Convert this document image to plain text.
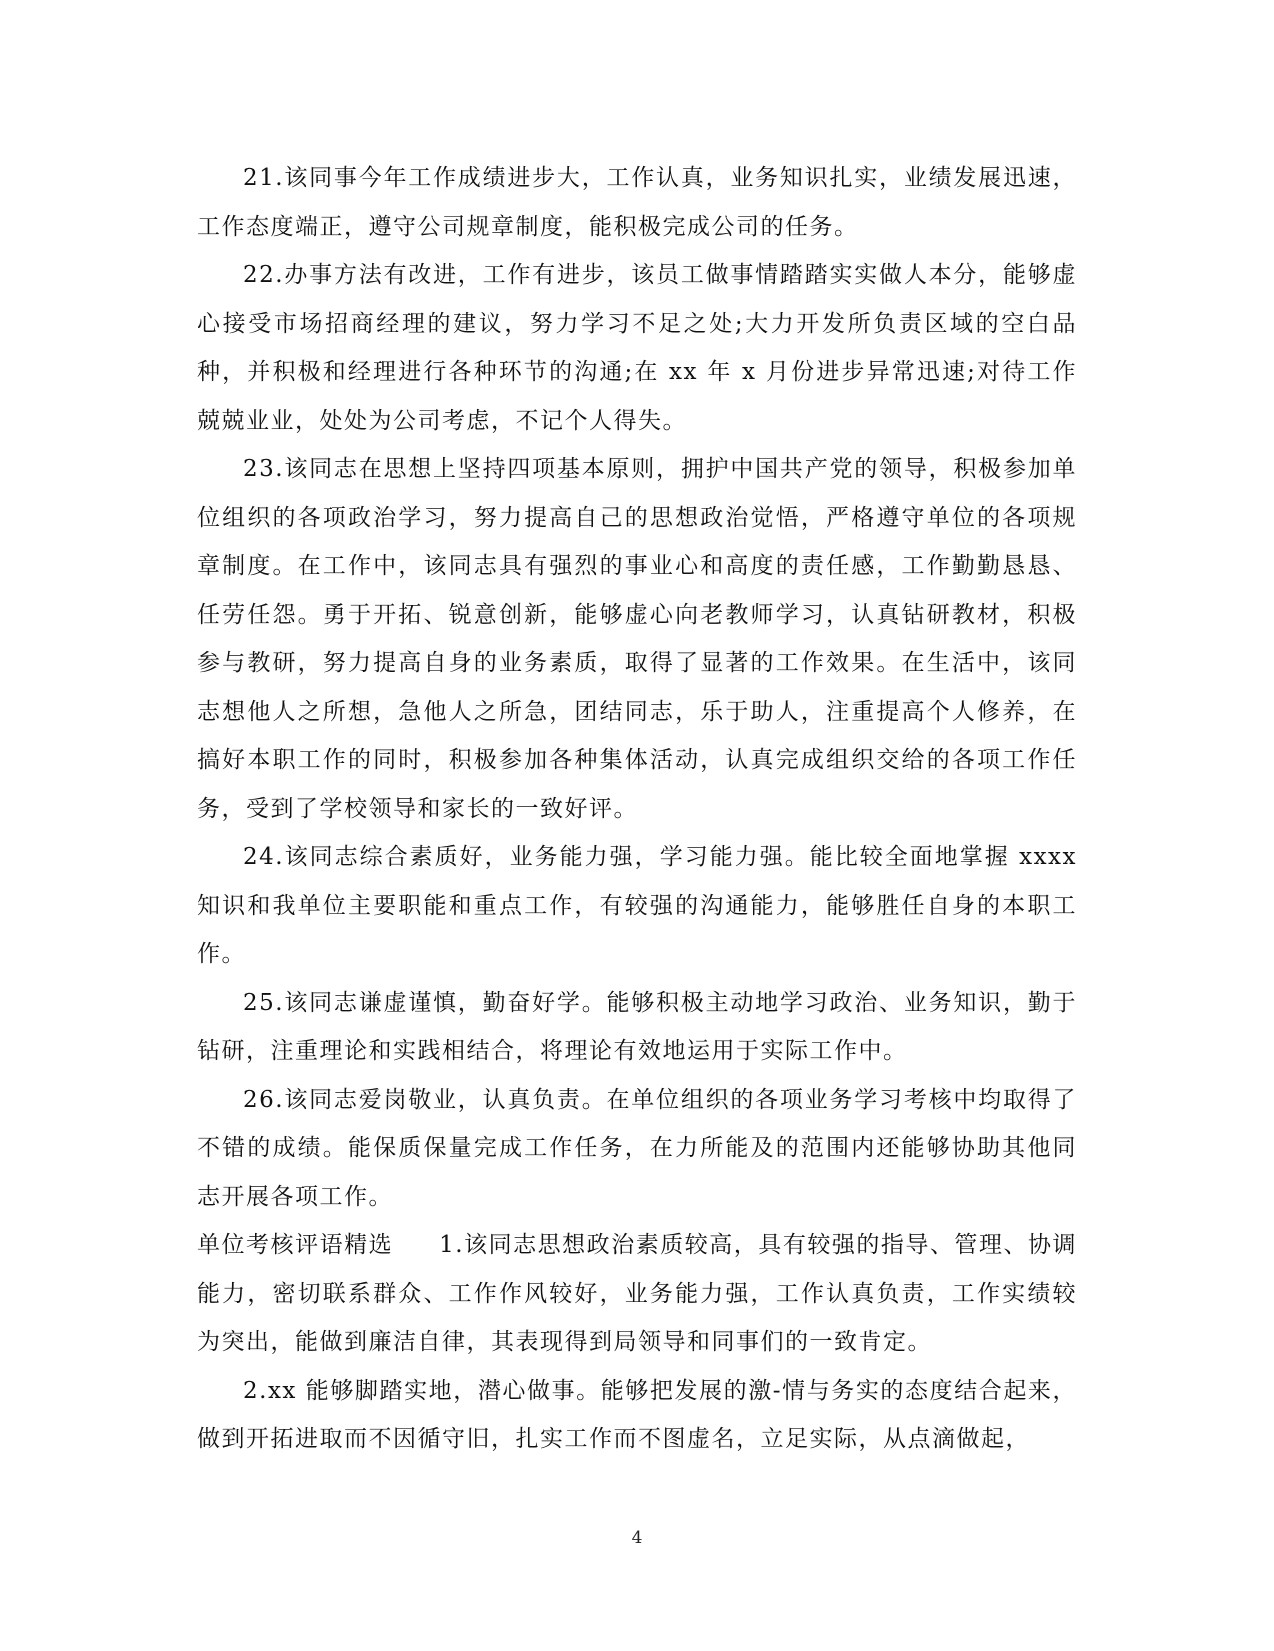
21.该同事今年工作成绩进步大，工作认真，业务知识扎实，业绩发展迅速，工作态度端正，遵守公司规章制度，能积极完成公司的任务。

22.办事方法有改进，工作有进步，该员工做事情踏踏实实做人本分，能够虚心接受市场招商经理的建议，努力学习不足之处;大力开发所负责区域的空白品种，并积极和经理进行各种环节的沟通;在 xx 年 x 月份进步异常迅速;对待工作兢兢业业，处处为公司考虑，不记个人得失。

23.该同志在思想上坚持四项基本原则，拥护中国共产党的领导，积极参加单位组织的各项政治学习，努力提高自己的思想政治觉悟，严格遵守单位的各项规章制度。在工作中，该同志具有强烈的事业心和高度的责任感，工作勤勤恳恳、任劳任怨。勇于开拓、锐意创新，能够虚心向老教师学习，认真钻研教材，积极参与教研，努力提高自身的业务素质，取得了显著的工作效果。在生活中，该同志想他人之所想，急他人之所急，团结同志，乐于助人，注重提高个人修养，在搞好本职工作的同时，积极参加各种集体活动，认真完成组织交给的各项工作任务，受到了学校领导和家长的一致好评。

24.该同志综合素质好，业务能力强，学习能力强。能比较全面地掌握 xxxx 知识和我单位主要职能和重点工作，有较强的沟通能力，能够胜任自身的本职工作。

25.该同志谦虚谨慎，勤奋好学。能够积极主动地学习政治、业务知识，勤于钻研，注重理论和实践相结合，将理论有效地运用于实际工作中。

26.该同志爱岗敬业，认真负责。在单位组织的各项业务学习考核中均取得了不错的成绩。能保质保量完成工作任务，在力所能及的范围内还能够协助其他同志开展各项工作。

单位考核评语精选 1.该同志思想政治素质较高，具有较强的指导、管理、协调能力，密切联系群众、工作作风较好，业务能力强，工作认真负责，工作实绩较为突出，能做到廉洁自律，其表现得到局领导和同事们的一致肯定。

2.xx 能够脚踏实地，潜心做事。能够把发展的激-情与务实的态度结合起来，做到开拓进取而不因循守旧，扎实工作而不图虚名，立足实际，从点滴做起，

4
